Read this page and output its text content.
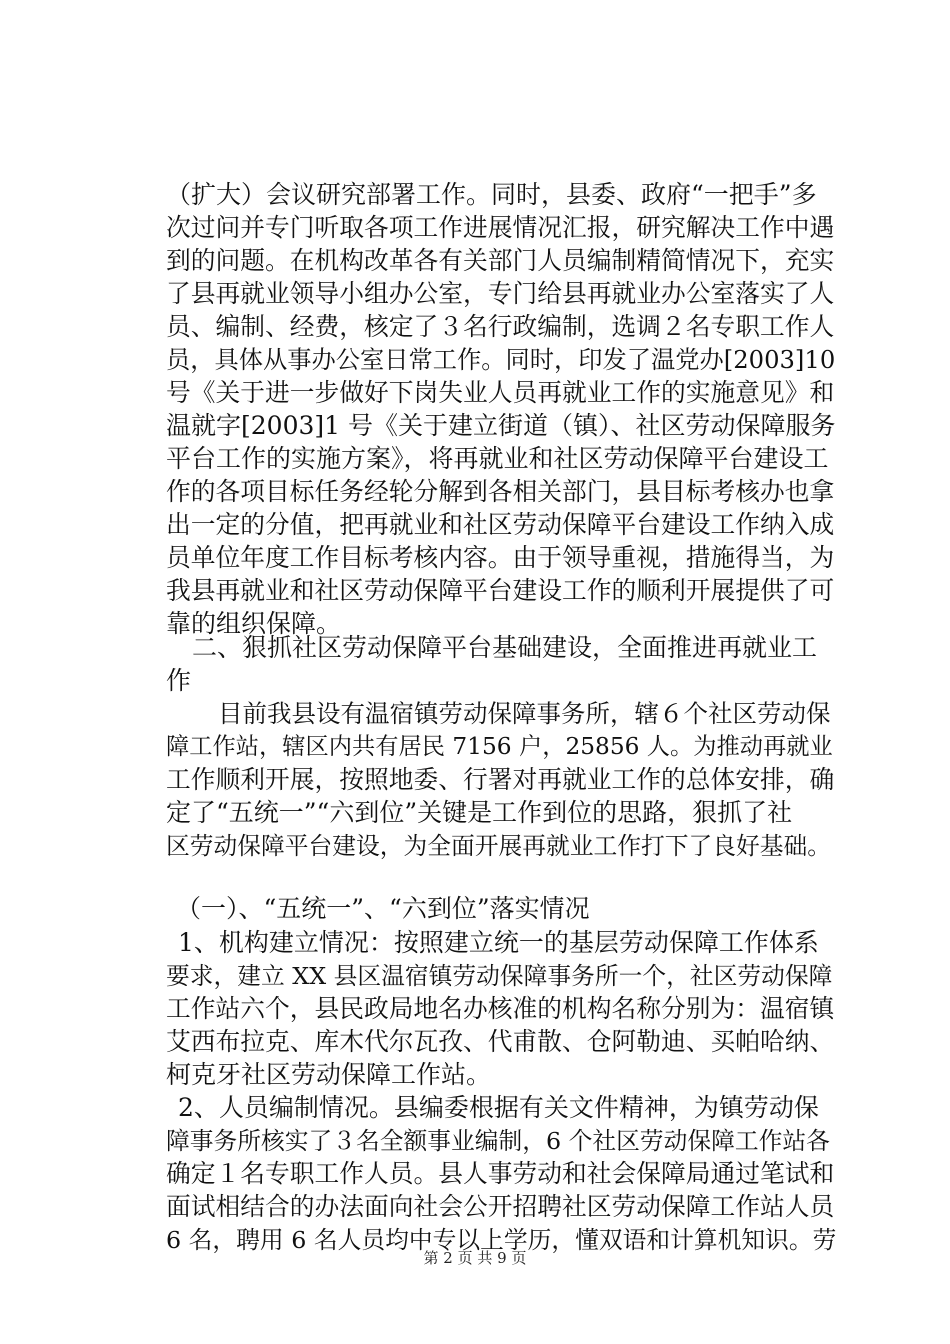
（扩大）会议研究部署工作。同时，县委、政府“一把手”多
次过问并专门听取各项工作进展情况汇报，研究解决工作中遇
到的问题。在机构改革各有关部门人员编制精简情况下，充实
了县再就业领导小组办公室，专门给县再就业办公室落实了人
员、编制、经费，核定了３名行政编制，选调２名专职工作人
员，具体从事办公室日常工作。同时，印发了温党办[2003]10
号《关于进一步做好下岗失业人员再就业工作的实施意见》和
温就字[2003]1 号《关于建立街道（镇）、社区劳动保障服务
平台工作的实施方案》，将再就业和社区劳动保障平台建设工
作的各项目标任务经轮分解到各相关部门，县目标考核办也拿
出一定的分值，把再就业和社区劳动保障平台建设工作纳入成
员单位年度工作目标考核内容。由于领导重视，措施得当，为
我县再就业和社区劳动保障平台建设工作的顺利开展提供了可
靠的组织保障。
二、狠抓社区劳动保障平台基础建设，全面推进再就业工
作
目前我县设有温宿镇劳动保障事务所，辖６个社区劳动保
障工作站，辖区内共有居民 7156 户，25856 人。为推动再就业
工作顺利开展，按照地委、行署对再就业工作的总体安排，确
定了“五统一”“六到位”关键是工作到位的思路，狠抓了社
区劳动保障平台建设，为全面开展再就业工作打下了良好基础。
（一）、“五统一”、“六到位”落实情况
1、机构建立情况：按照建立统一的基层劳动保障工作体系
要求，建立 XX 县区温宿镇劳动保障事务所一个，社区劳动保障
工作站六个，县民政局地名办核准的机构名称分别为：温宿镇
艾西布拉克、库木代尔瓦孜、代甫散、仓阿勒迪、买帕哈纳、
柯克牙社区劳动保障工作站。
2、人员编制情况。县编委根据有关文件精神，为镇劳动保
障事务所核实了３名全额事业编制，6 个社区劳动保障工作站各
确定１名专职工作人员。县人事劳动和社会保障局通过笔试和
面试相结合的办法面向社会公开招聘社区劳动保障工作站人员
6 名，聘用 6 名人员均中专以上学历，懂双语和计算机知识。劳
第 2 页 共 9 页
